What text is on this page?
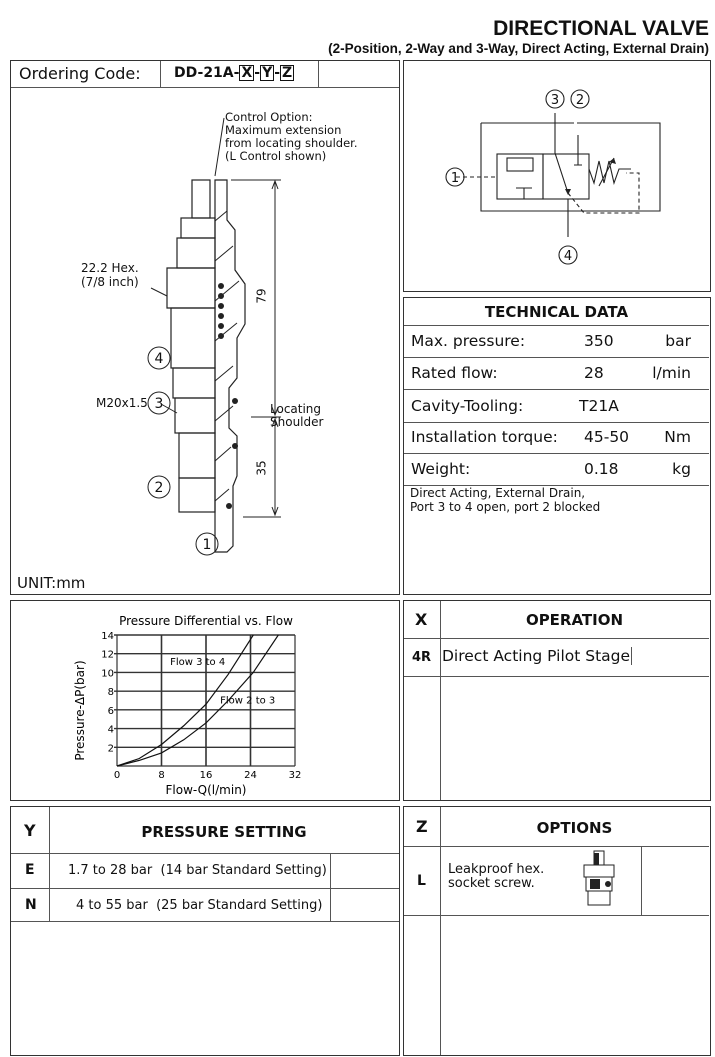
DIRECTIONAL VALVE
(2-Position, 2-Way and 3-Way, Direct Acting, External Drain)
Ordering Code: DD-21A- X - Y - Z
Control Option:
Maximum extension
from locating shoulder.
(L Control shown)
22.2 Hex.
(7/8 inch)
M20x1.5	Locating
Shoulder
79
35
UNIT:mm
4
3
2
1
1
2
3
4
TECHNICAL DATA
Max. pressure:	350	bar
Rated flow:	28	l/min
Cavity-Tooling:	T21A
Installation torque: 45-50 Nm
Weight:	0.18	kg
Direct Acting, External Drain,
Port 3 to 4 open, port 2 blocked
0	8	16	24	32
2
4
6
8
10
12
14
Flow 3 to 4
Flow 2 to 3
Pressure Differential vs. Flow
Flow-Q(l/min)
Pressure-ΔP(bar)
X	OPERATION
4R Direct Acting Pilot Stage
Y	PRESSURE SETTING
E	1.7 to 28 bar  (14 bar Standard Setting)
N	4 to 55 bar  (25 bar Standard Setting)
Z	OPTIONS
L
Leakproof hex.
socket screw.
